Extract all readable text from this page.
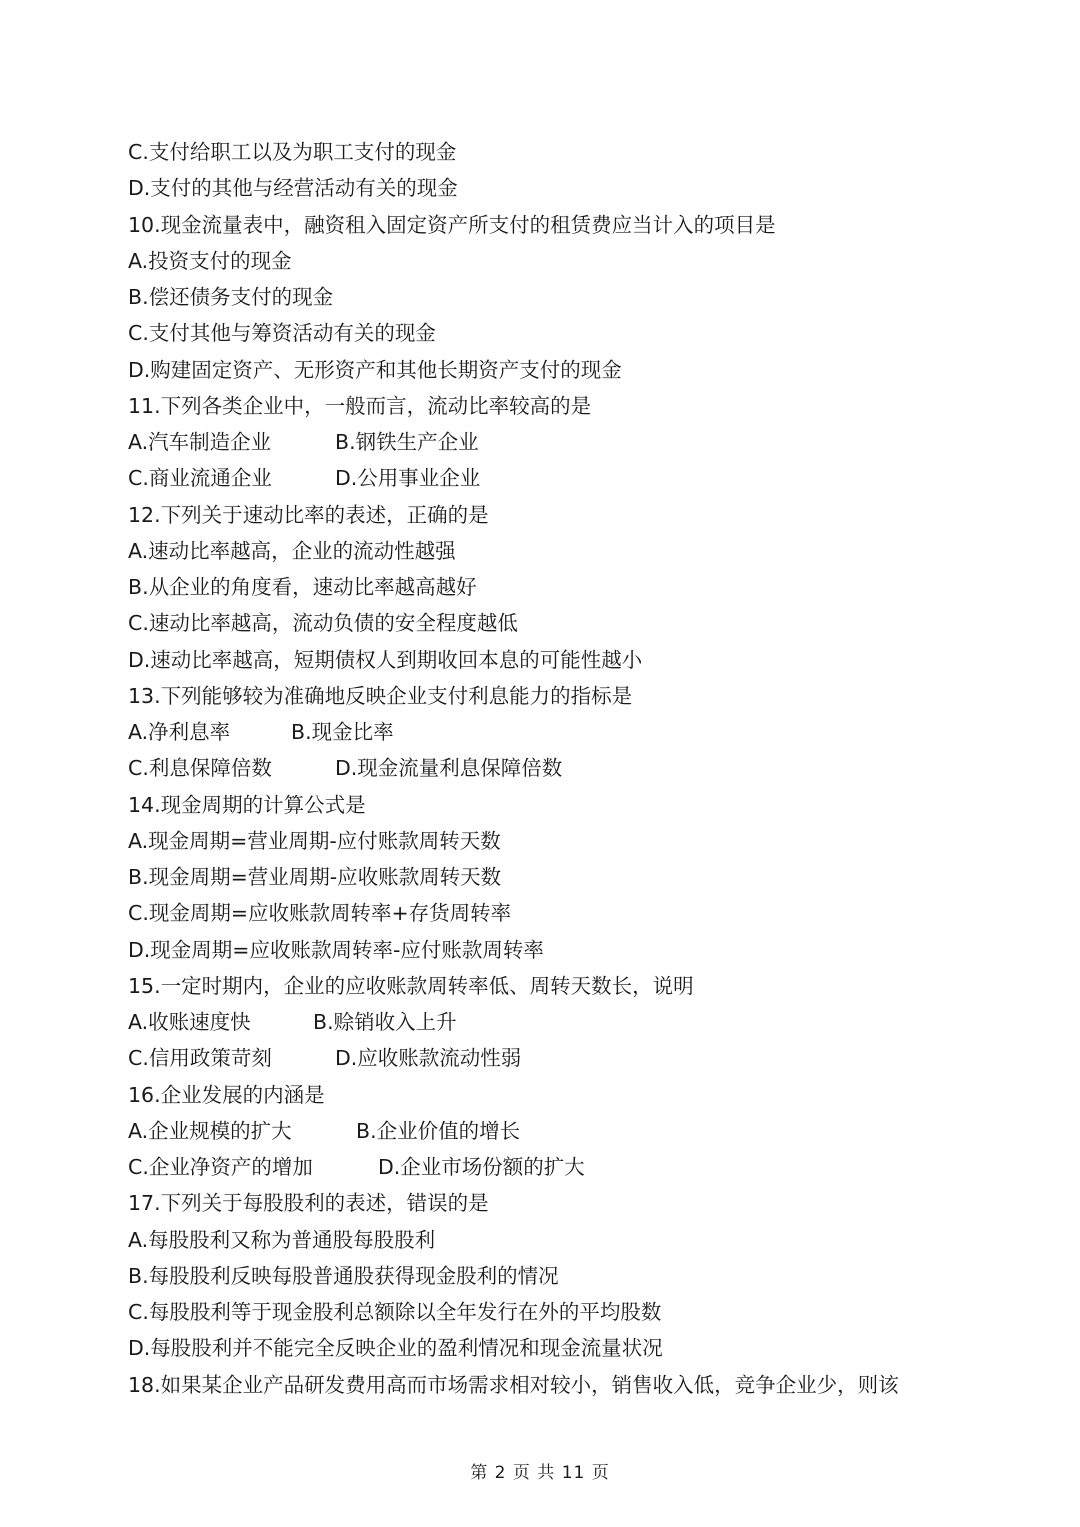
C.支付给职工以及为职工支付的现金
D.支付的其他与经营活动有关的现金
10.现金流量表中，融资租入固定资产所支付的租赁费应当计入的项目是
A.投资支付的现金
B.偿还债务支付的现金
C.支付其他与筹资活动有关的现金
D.购建固定资产、无形资产和其他长期资产支付的现金
11.下列各类企业中，一般而言，流动比率较高的是
A.汽车制造企业	B.钢铁生产企业
C.商业流通企业	D.公用事业企业
12.下列关于速动比率的表述，正确的是
A.速动比率越高，企业的流动性越强
B.从企业的角度看，速动比率越高越好
C.速动比率越高，流动负债的安全程度越低
D.速动比率越高，短期债权人到期收回本息的可能性越小
13.下列能够较为准确地反映企业支付利息能力的指标是
A.净利息率	B.现金比率
C.利息保障倍数	D.现金流量利息保障倍数
14.现金周期的计算公式是
A.现金周期=营业周期-应付账款周转天数
B.现金周期=营业周期-应收账款周转天数
C.现金周期=应收账款周转率+存货周转率
D.现金周期=应收账款周转率-应付账款周转率
15.一定时期内，企业的应收账款周转率低、周转天数长，说明
A.收账速度快	B.赊销收入上升
C.信用政策苛刻	D.应收账款流动性弱
16.企业发展的内涵是
A.企业规模的扩大	B.企业价值的增长
C.企业净资产的增加	D.企业市场份额的扩大
17.下列关于每股股利的表述，错误的是
A.每股股利又称为普通股每股股利
B.每股股利反映每股普通股获得现金股利的情况
C.每股股利等于现金股利总额除以全年发行在外的平均股数
D.每股股利并不能完全反映企业的盈利情况和现金流量状况
18.如果某企业产品研发费用高而市场需求相对较小，销售收入低，竞争企业少，则该
第 2 页 共 11 页
